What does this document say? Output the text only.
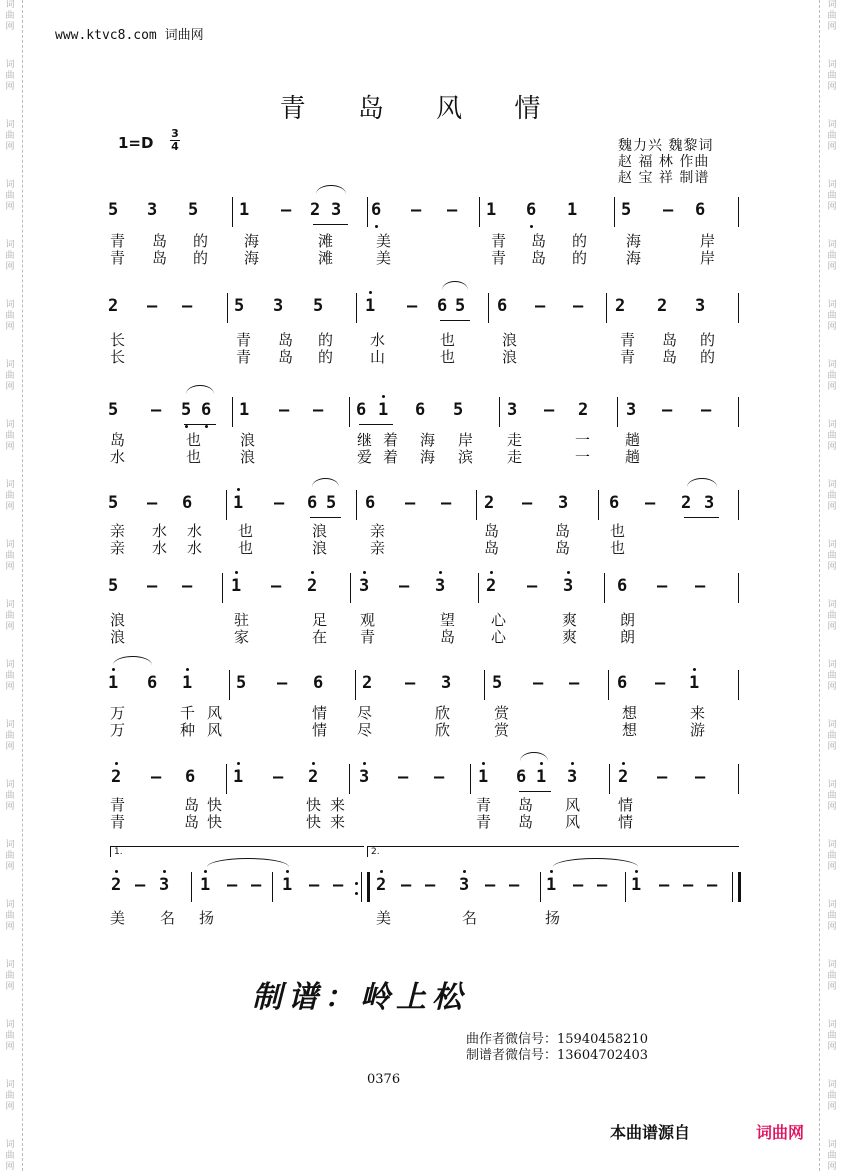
词
曲
网
词
曲
网
词
曲
网
词
曲
网
词
曲
网
词
曲
网
词
曲
网
词
曲
网
词
曲
网
词
曲
网
词
曲
网
词
曲
网
词
曲
网
词
曲
网
词
曲
网
词
曲
网
词
曲
网
词
曲
网
词
曲
网
词
曲
网
词
曲
网
词
曲
网
词
曲
网
词
曲
网
词
曲
网
词
曲
网
词
曲
网
词
曲
网
词
曲
网
词
曲
网
词
曲
网
词
曲
网
词
曲
网
词
曲
网
词
曲
网
词
曲
网
词
曲
网
词
曲
网
词
曲
网
词
曲
网
www.ktvc8.com 词曲网
青 岛 风 情
$1=D \frac{3}{4}$	魏力兴 魏黎词
赵 福 林 作曲
赵 宝 祥 制谱
5 3 5 1 – 2 3 6 – – 1 6 1	5 – 6
青 岛 的 海	滩	美	青 岛 的	海	岸
青 岛 的 海	滩	美	青 岛 的	海	岸
2 – – 5 3 5 1 – 6 5 6 – – 2 2 3
长	青 岛 的 水	也	浪	青 岛 的
长	青 岛 的 山	也	浪	青 岛 的
5 – 5 6 1 – – 6 1 6 5	3 – 2 3 – –
岛	也	浪	继 着 海 岸 走	一 趟
水	也	浪	爱 着 海 滨 走	一 趟
5 – 6 1 – 6 5 6 – – 2 – 3 6 – 2 3
亲 水 水 也	浪	亲	岛	岛	也
亲 水 水 也	浪	亲	岛	岛	也
5 – – 1 – 2 3 – 3 2 – 3	6 – –
浪	驻	足 观	望 心	爽	朗
浪	家	在 青	岛 心	爽	朗
1 6 1	5 – 6 2 – 3 5 – – 6 – 1
万	千 风	情 尽	欣	赏	想	来
万	种 风	情 尽	欣	赏	想	游
2 – 6 1 – 2 3 – – 1 6 1 3 2 – –
青	岛 快	快 来	青 岛 风	情
青	岛 快	快 来	青 岛 风	情
2 – 3 1 – – 1 – – 2 – – 3 – – 1 – – 1 – – –
1.	2.
美 名 扬	美	名	扬
制谱：岭上松
曲作者微信号：15940458210
制谱者微信号：13604702403
0376
本曲谱源自	词曲网
